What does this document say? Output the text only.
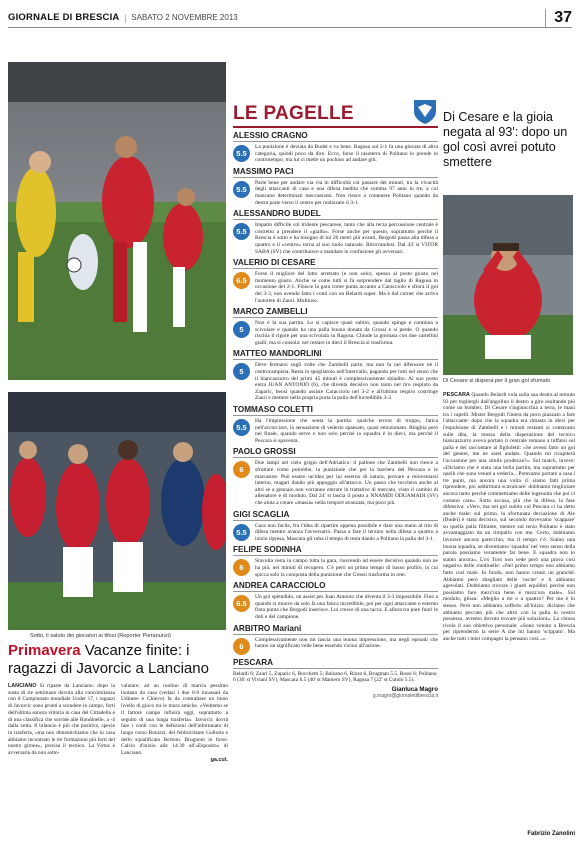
GIORNALE DI BRESCIA | SABATO 2 NOVEMBRE 2013	37
Sotto, il saluto dei giocatori ai tifosi (Reporter Pieranunzi)
Primavera Vacanze finite: i ragazzi di Javorcic a Lanciano
LANCIANO Si riparte da Lanciano: dopo la sosta di tre settimane dovuta alla concomitanza con il Campionato mondiale Under 17, i ragazzi di Javorcic sono pronti a scendere in campo, forti dell'ultima sonora vittoria in casa del Cittadella e di una classifica che sorride alle Rondinelle, a -4 dalla vetta. Il bilancio è più che positivo, specie in trasferta, «ma non dimentichiamo che in casa abbiamo incontrato le tre formazioni più forti del nostro girone», precisa il tecnico. La Virtus è avversaria da non sotto-
valutare: ad un ruolino di marcia pessimo lontano da casa (vedasi i due 6-0 incassati da Udinese e Chievo) fa da contraltare un buon livello di gioco tra le mura amiche. «Vedremo se il fattore campo influirà oggi, soprattutto a seguito di una lunga trasferta». Javorcic dovrà fare i conti con le defezioni dell'infortunato di lungo corso Bonizzi, del febbricitante Gullotta e dello squalificato Bertoni. Brugnoni in forse. Calcio d'inizio alle 14.30 all'«Esposito» di Lanciano.
ga.cut.
LE PAGELLE
ALESSIO CRAGNO
5.5
La punizione è deviata da Budel e va bene. Ragusa sul 2-1 fa una giocata di altra categoria, quindi poco da dire. Ecco, forse il rasoterra di Politano lo prende in controtempo, ma lui ci mette un pochino ad andare giù.
MASSIMO PACI
5.5
Parte bene per andare via via in difficoltà col passare dei minuti, tra la vivacità degli attaccanti di casa e una difesa inedita che somma 97 anni in tre, a cui mancano determinati meccanismi. Non riesce a contenere Politano quando da destra parte verso il centro per realizzare il 3-1.
ALESSANDRO BUDEL
5.5
Impatto difficile col tridente pescarese, tanto che alla terza percussione centrale è costretto a prendere il «giallo». Forse anche per questo, soprattutto perché il Brescia è sotto e ha bisogno di lui 20 metri più avanti, Bergodi passa alla difesa a quattro e il «centro» torna al suo ruolo naturale. Ritrovandosi. Dal 43' st VITOR SABA (SV) che contribuisce a mandare in confusione gli avversari.
VALERIO DI CESARE
6.5
Forse il migliore del lotto arretrato (e non solo), spesso al posto giusto nel momento giusto. Anche se come tutti si fa sorprendere dal taglio di Ragusa in occasione del 2-1. Finisce la gara come punta accanto a Caracciolo e sfiora il gol del 3-3, non avendo fatto i conti con un Belardi super. Ma è dal corner che arriva l'autorete di Zauri. Multiuso.
MARCO ZAMBELLI
5
Non è la sua partita. Lo si capisce quasi subito, quando spinge e continua a scivolare e quando ha una palla buona donata da Grossi e si perde. O quando rischia il rigore per una scivolata su Ragusa. Chiude la giornata con due cartellini gialli, ma si consola: nel restare in dieci il Brescia si trasforma.
MATTEO MANDORLINI
5
Deve fermarsi sugli volte che Zambelli parte, ma non fa nel difensore né il centrocampista. Resta in spogliatoio nell'intervallo, pagando per tutti nel senso che il biancazzurro del primi 45 minuti è complessivamente sbiadito. Al suo posto entra JUAN ANTONIO (6), che diventa decisivo non tanto nel tiro respinto da Zaparic, bensì quando assiste Caracciolo nel 3-2 e all'ultimo respiro costringe Zauri e mettere nella propria porta la palla dell'incredibile 3-3.
TOMMASO COLETTI
5.5
Ha l'impressione che senta la partita: qualche errore di troppo, fatica nell'accorciare, la sensazione di vederlo spaesato, quasi emozionato. Ringhia però nel finale, quando serve e non solo perché la squadra è in dieci, ma perché il Pescara si spaventa.
PAOLO GROSSI
6
Due lampi nel cielo grigio dell'Adriatico: il pallone che Zambelli non riesce a sfruttare come potrebbe, la punizione che per la barriera del Pescara e le marcature. Può essere un'idea per lui esterno di natura, provare a reinventarsi interno, magari dando più appoggio all'attacco. Un passo che tocchera anche al altri se a gennaio non vorranno entrare in trattative di mercato, visto il cambio di allenatore e di modulo. Dal 24' st lascia il posto a NNAMDI ODUAMADI (SV) che aiuta a creare «massa» nella tresport avanzata, ma poco più.
GIGI SCAGLIA
5.5
Gara non facile, fra l'idea di ripartire appena possibile e dare una mano al trio di difesa mentre avanza l'avversario. Passa a fare il terzino nella difesa a quattro a inizio ripresa, Mascara gli ruba il tempo di testa dando a Politano la palla del 3-1.
FELIPE SODINHA
6
Stavolta resta in campo tutta la gara, riuscendo ad essere decisivo quando non ne ha più, nei minuti di recupero. C'è però un primo tempo di basso profilo, in cui spicca solo la conquista della punizione che Grossi trasforma in rete.
ANDREA CARACCIOLO
6.5
Un gol splendido, un assist per Juan Antonio che diventa il 3-3 impossibile. Fino a quando si muove da solo fa una fatica incredibile, poi per ogni attaccante o esterno finta punta che Bergodi inserisce. Lui cresce di una tacca. E allora tra pure fuori le doti e del campione.
ARBITRO Mariani
6
Complessivamente non mi lascia una buona impressione, ma negli episodi che hanno un significato vede bene essendo vicino all'azione.
PESCARA
Belardi 6; Zauri 5, Zuparic 6, Bocchetti 5; Balzano 6, Rizzo 6, Brugman 5.5, Rossi 6; Politano 6 (36' st Viviani SV), Mascara 6.5 (40' st Maniero SV), Ragusa 7 (22' st Cutolo 5.5).
Gianluca Magro
g.magro@giornaledibrescia.it
Di Cesare e la gioia negata al 93': dopo un gol così avrei potuto smettere
Di Cesare si dispera per il gran gol sfumato
PESCARA Quando Belardi vola sulla sua destra al minuto 93 per togliergli dall'angolino il destro a giro esultando più come un bomber, Di Cesare s'inginocchia a terra, le mani tra i capelli. Mister Bergodi l'intera da poco piazzato a fare l'attaccante: dopo che la squadra era rimasta in dieci per l'espulsione di Zambelli e i minuti restanti si contavano sulle dita, la mossa della disperazione del tecnico biancazzurro aveva portato il centrale romano a tuffarsi sul palla e del raccontare ai figlioletti: «Se avessi fatto un gol del genere, me ne sarei andato. Quando mi ricapiterà l'occasione per una simile prodezza?». Sul match, invece: «Diciamo che è stata una bella partita, ma soprattutto per quelli che sono venuti a vederla... Potevamo portare a casa i tre punti, ma ancora una volta ci siamo fatti prima riprendere, poi addirittura scavalcare: dobbiamo migliorare ancora tanto perché commettiamo delle ingenuità che poi ci costano care». Sotto accusa, più che la difesa, la fase difensiva: «Vero, ma nel gol subito col Pescara ci ha detto anche male: sul primo, la sfortunata deviazione di Ale (Budel) è stata decisiva, sul secondo dovevamo 'scappare' su quella palla filtrante, mentre sul terzo Politano è stato avvantaggiato da un rimpallo con me. Certo, dobbiamo lavorare ancora parecchio, ma il tempo c'è. Siamo una buona squadra, se diventiamo 'squadra' nel vero senso della parola possiamo veramente far bene. E squadra non lo siamo ancora». L'ex Toro non vede però una prova così negativa delle rondinelle: «Nel primo tempo non abbiamo fatto così male. In fondo, non hanno creato un granché. Abbiamo però sbagliato delle 'uscite' e li abbiamo agevolati. Dobbiamo trovare i giusti equilibri perché non possiamo fare mezz'ora bene e mezz'ora male». Sul modulo, glissa: «Meglio a tre o a quattro? Per me è lo stesso. Però non abbiamo sofferto all'inizio: diciamo che abbiamo peccato più che altro con la palla in nostro possesso, avremo dovuto trovare più soluzioni». La chiosa rivela il suo obiettivo personale: «Sono venuto a Brescia per riprendermi la serie A che mi hanno 'scippato'. Ma anche tutti i miei compagni la pensano così...».
Fabrizio Zanolini
